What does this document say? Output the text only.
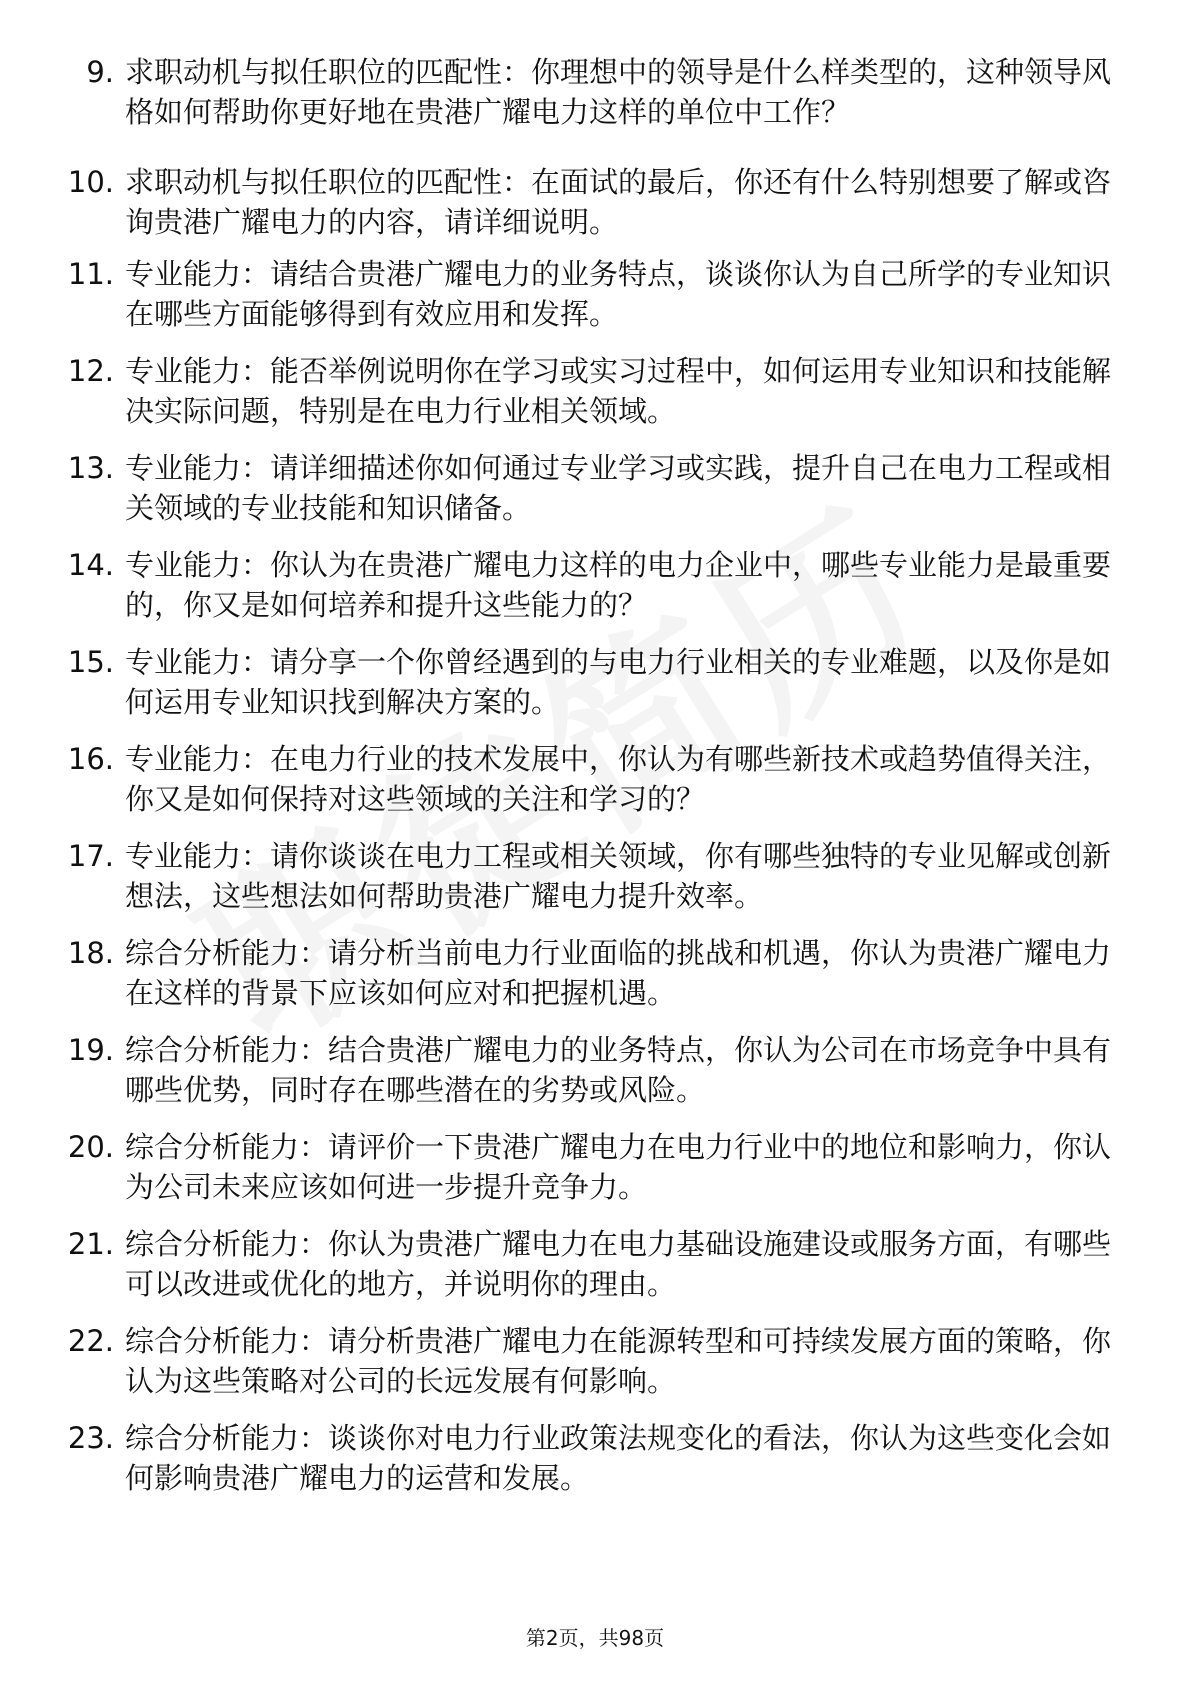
9. 求职动机与拟任职位的匹配性：你理想中的领导是什么样类型的，这种领导风格如何帮助你更好地在贵港广耀电力这样的单位中工作？
10. 求职动机与拟任职位的匹配性：在面试的最后，你还有什么特别想要了解或咨询贵港广耀电力的内容，请详细说明。
11. 专业能力：请结合贵港广耀电力的业务特点，谈谈你认为自己所学的专业知识在哪些方面能够得到有效应用和发挥。
12. 专业能力：能否举例说明你在学习或实习过程中，如何运用专业知识和技能解决实际问题，特别是在电力行业相关领域。
13. 专业能力：请详细描述你如何通过专业学习或实践，提升自己在电力工程或相关领域的专业技能和知识储备。
14. 专业能力：你认为在贵港广耀电力这样的电力企业中，哪些专业能力是最重要的，你又是如何培养和提升这些能力的？
15. 专业能力：请分享一个你曾经遇到的与电力行业相关的专业难题，以及你是如何运用专业知识找到解决方案的。
16. 专业能力：在电力行业的技术发展中，你认为有哪些新技术或趋势值得关注，你又是如何保持对这些领域的关注和学习的？
17. 专业能力：请你谈谈在电力工程或相关领域，你有哪些独特的专业见解或创新想法，这些想法如何帮助贵港广耀电力提升效率。
18. 综合分析能力：请分析当前电力行业面临的挑战和机遇，你认为贵港广耀电力在这样的背景下应该如何应对和把握机遇。
19. 综合分析能力：结合贵港广耀电力的业务特点，你认为公司在市场竞争中具有哪些优势，同时存在哪些潜在的劣势或风险。
20. 综合分析能力：请评价一下贵港广耀电力在电力行业中的地位和影响力，你认为公司未来应该如何进一步提升竞争力。
21. 综合分析能力：你认为贵港广耀电力在电力基础设施建设或服务方面，有哪些可以改进或优化的地方，并说明你的理由。
22. 综合分析能力：请分析贵港广耀电力在能源转型和可持续发展方面的策略，你认为这些策略对公司的长远发展有何影响。
23. 综合分析能力：谈谈你对电力行业政策法规变化的看法，你认为这些变化会如何影响贵港广耀电力的运营和发展。
第2页，共98页
